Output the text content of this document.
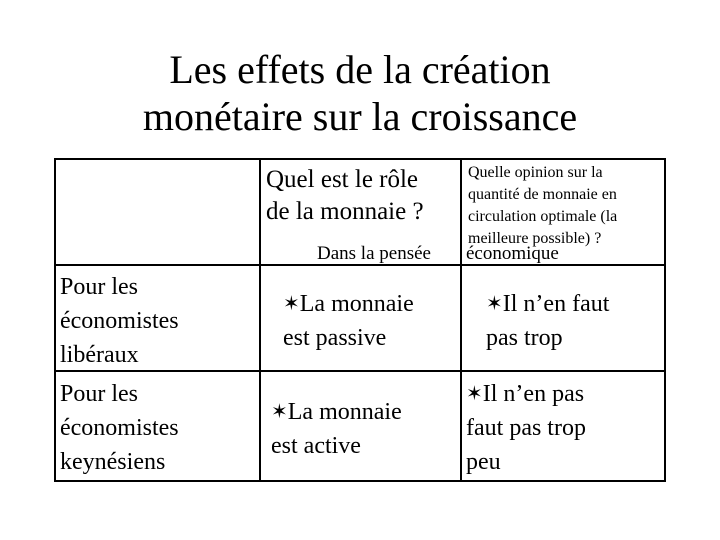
Les effets de la création
monétaire sur la croissance
Quel est le rôle
de la monnaie ?
Quelle opinion sur la
quantité de monnaie en
circulation optimale (la
meilleure possible) ?
Dans la pensée économique
Pour les
économistes
libéraux
✶La monnaie
est passive
✶Il n’en faut
pas trop
Pour les
économistes
keynésiens
✶La monnaie
est active
✶Il n’en pas
faut pas trop
peu
